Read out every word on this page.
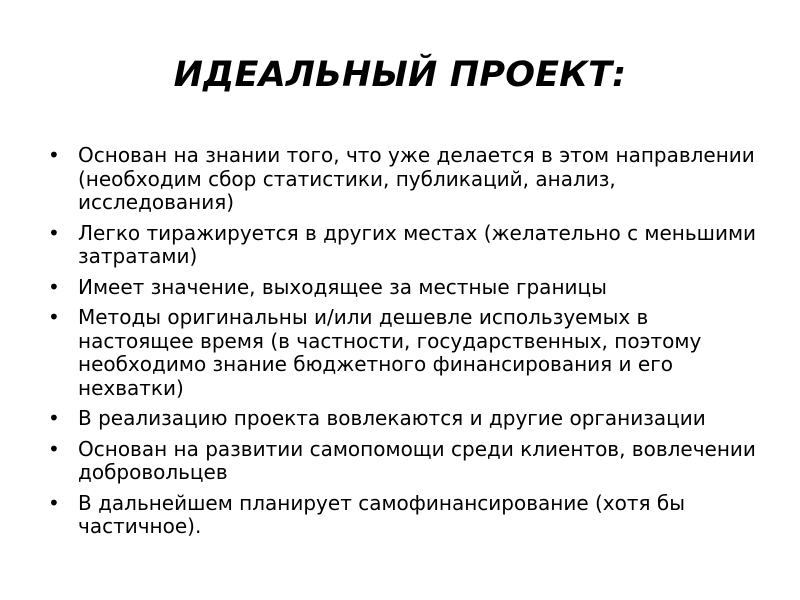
ИДЕАЛЬНЫЙ ПРОЕКТ:
• Основан на знании того, что уже делается в этом направлении (необходим сбор статистики, публикаций, анализ, исследования)
• Легко тиражируется в других местах (желательно с меньшими затратами)
• Имеет значение, выходящее за местные границы
• Методы оригинальны и/или дешевле используемых в настоящее время (в частности, государственных, поэтому необходимо знание бюджетного финансирования и его нехватки)
• В реализацию проекта вовлекаются и другие организации
• Основан на развитии самопомощи среди клиентов, вовлечении добровольцев
• В дальнейшем планирует самофинансирование (хотя бы частичное).
